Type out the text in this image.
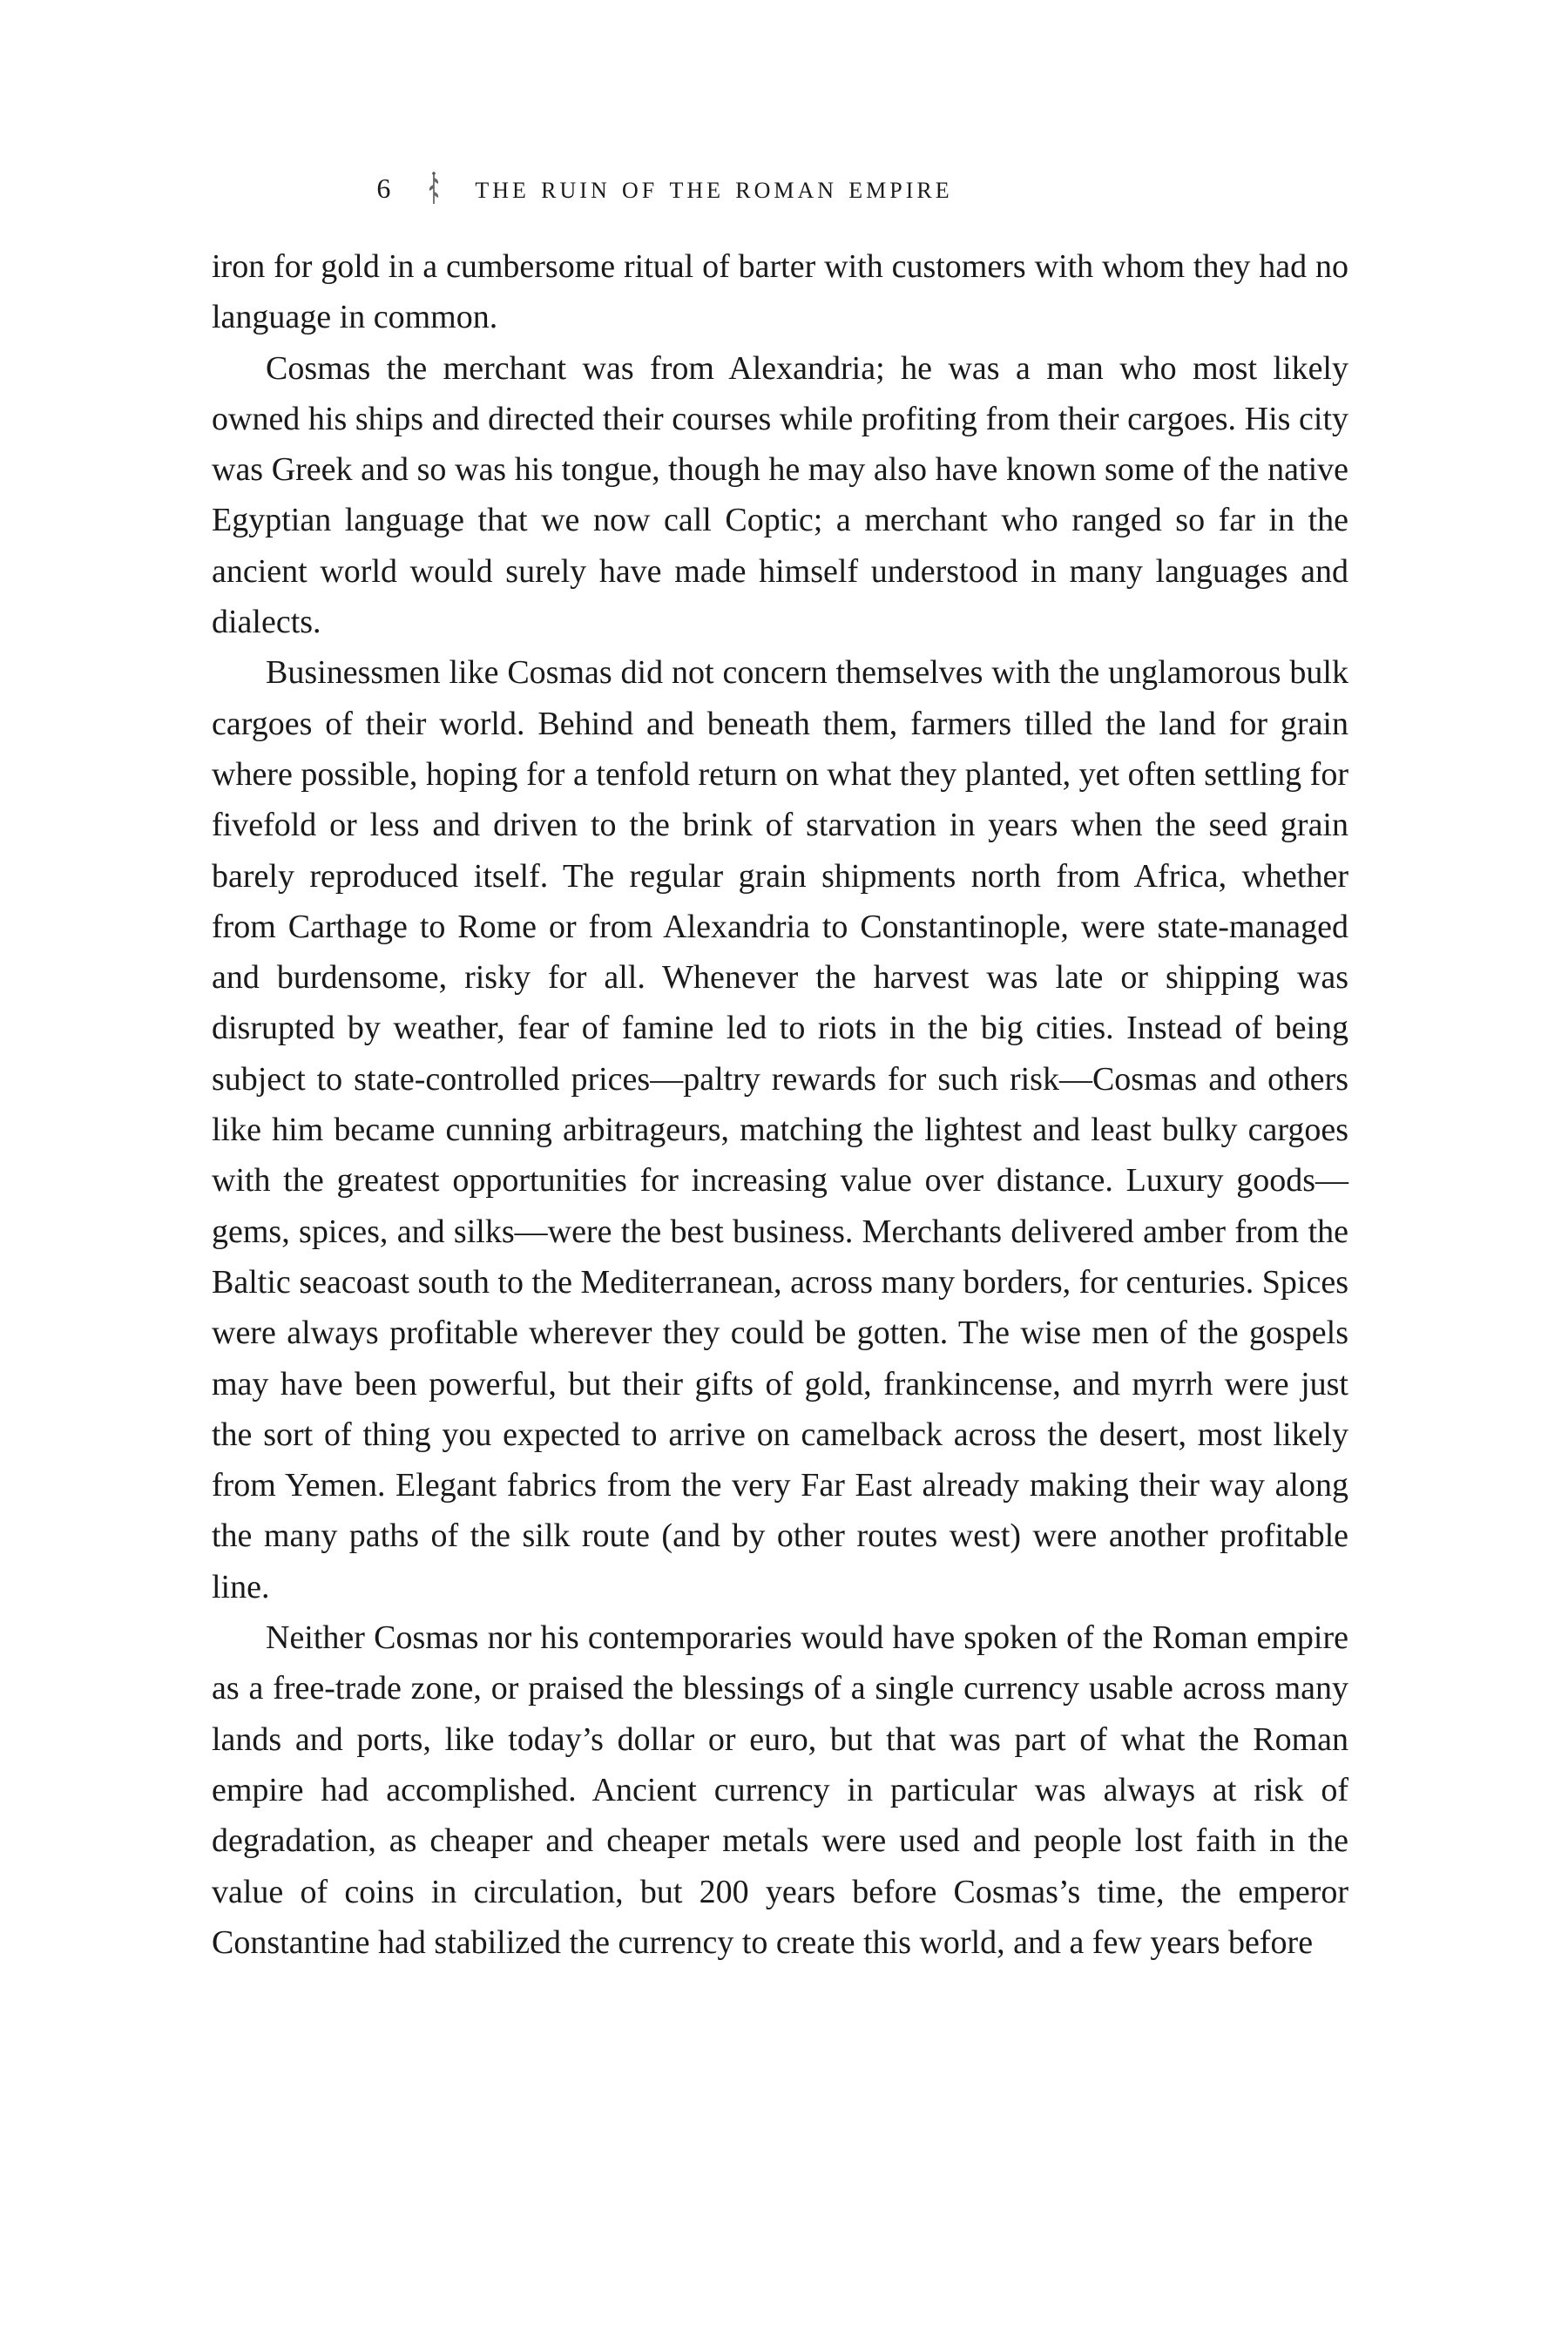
6	the ruin of the roman empire

iron for gold in a cumbersome ritual of barter with customers with whom they had no language in common.

Cosmas the merchant was from Alexandria; he was a man who most likely owned his ships and directed their courses while profiting from their cargoes. His city was Greek and so was his tongue, though he may also have known some of the native Egyptian language that we now call Coptic; a merchant who ranged so far in the ancient world would surely have made himself understood in many languages and dialects.

Businessmen like Cosmas did not concern themselves with the unglamorous bulk cargoes of their world. Behind and beneath them, farmers tilled the land for grain where possible, hoping for a tenfold return on what they planted, yet often settling for fivefold or less and driven to the brink of starvation in years when the seed grain barely reproduced itself. The regular grain shipments north from Africa, whether from Carthage to Rome or from Alexandria to Constantinople, were state-managed and burdensome, risky for all. Whenever the harvest was late or shipping was disrupted by weather, fear of famine led to riots in the big cities. Instead of being subject to state-controlled prices—paltry rewards for such risk—Cosmas and others like him became cunning arbitrageurs, matching the lightest and least bulky cargoes with the greatest opportunities for increasing value over distance. Luxury goods—gems, spices, and silks—were the best business. Merchants delivered amber from the Baltic seacoast south to the Mediterranean, across many borders, for centuries. Spices were always profitable wherever they could be gotten. The wise men of the gospels may have been powerful, but their gifts of gold, frankincense, and myrrh were just the sort of thing you expected to arrive on camelback across the desert, most likely from Yemen. Elegant fabrics from the very Far East already making their way along the many paths of the silk route (and by other routes west) were another profitable line.

Neither Cosmas nor his contemporaries would have spoken of the Roman empire as a free-trade zone, or praised the blessings of a single currency usable across many lands and ports, like today’s dollar or euro, but that was part of what the Roman empire had accomplished. Ancient currency in particular was always at risk of degradation, as cheaper and cheaper metals were used and people lost faith in the value of coins in circulation, but 200 years before Cosmas’s time, the emperor Constantine had stabilized the currency to create this world, and a few years before
